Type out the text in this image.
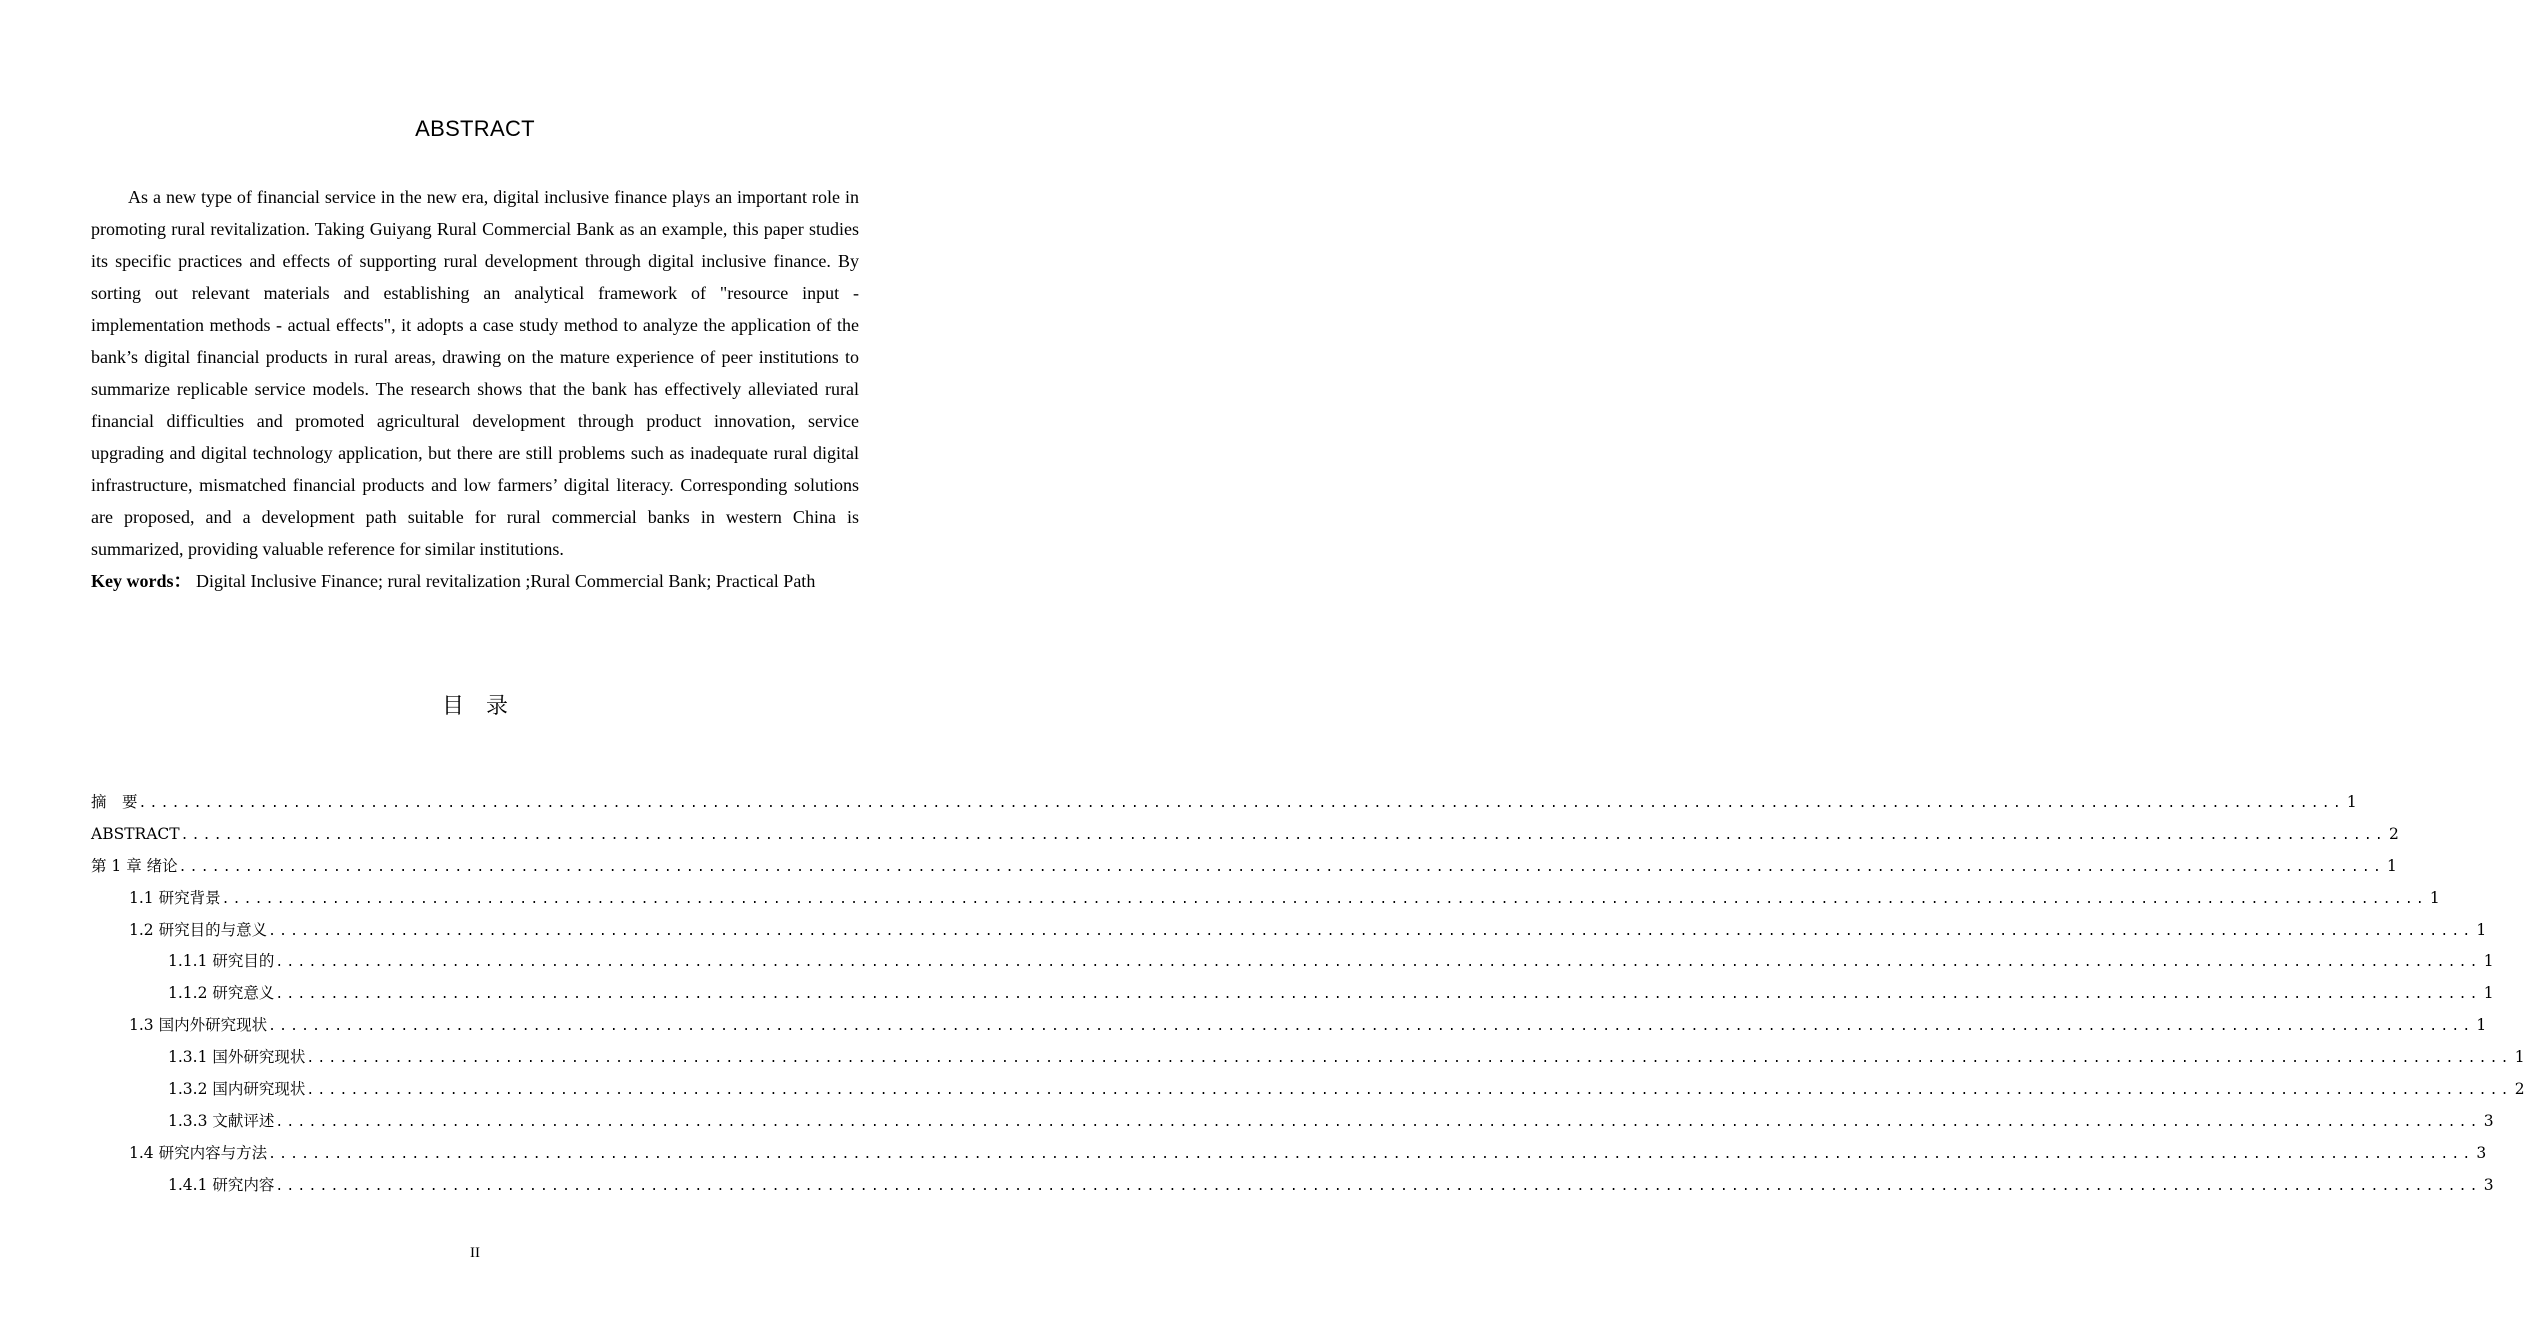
ABSTRACT

As a new type of financial service in the new era, digital inclusive finance plays an important role in promoting rural revitalization. Taking Guiyang Rural Commercial Bank as an example, this paper studies its specific practices and effects of supporting rural development through digital inclusive finance. By sorting out relevant materials and establishing an analytical framework of "resource input - implementation methods - actual effects", it adopts a case study method to analyze the application of the bank’s digital financial products in rural areas, drawing on the mature experience of peer institutions to summarize replicable service models. The research shows that the bank has effectively alleviated rural financial difficulties and promoted agricultural development through product innovation, service upgrading and digital technology application, but there are still problems such as inadequate rural digital infrastructure, mismatched financial products and low farmers’ digital literacy. Corresponding solutions are proposed, and a development path suitable for rural commercial banks in western China is summarized, providing valuable reference for similar institutions.

Key words： Digital Inclusive Finance; rural revitalization ;Rural Commercial Bank; Practical Path
目录
摘　要 ........................................................................................................................................................................................................ 1
ABSTRACT ........................................................................................................................................................................................................ 2
第 1 章 绪论 ........................................................................................................................................................................................................ 1
1.1 研究背景 ........................................................................................................................................................................................................ 1
1.2 研究目的与意义 ........................................................................................................................................................................................................ 1
1.1.1 研究目的 ........................................................................................................................................................................................................ 1
1.1.2 研究意义 ........................................................................................................................................................................................................ 1
1.3 国内外研究现状 ........................................................................................................................................................................................................ 1
1.3.1 国外研究现状 ........................................................................................................................................................................................................ 1
1.3.2 国内研究现状 ........................................................................................................................................................................................................ 2
1.3.3 文献评述 ........................................................................................................................................................................................................ 3
1.4 研究内容与方法 ........................................................................................................................................................................................................ 3
1.4.1 研究内容 ........................................................................................................................................................................................................ 3
II
